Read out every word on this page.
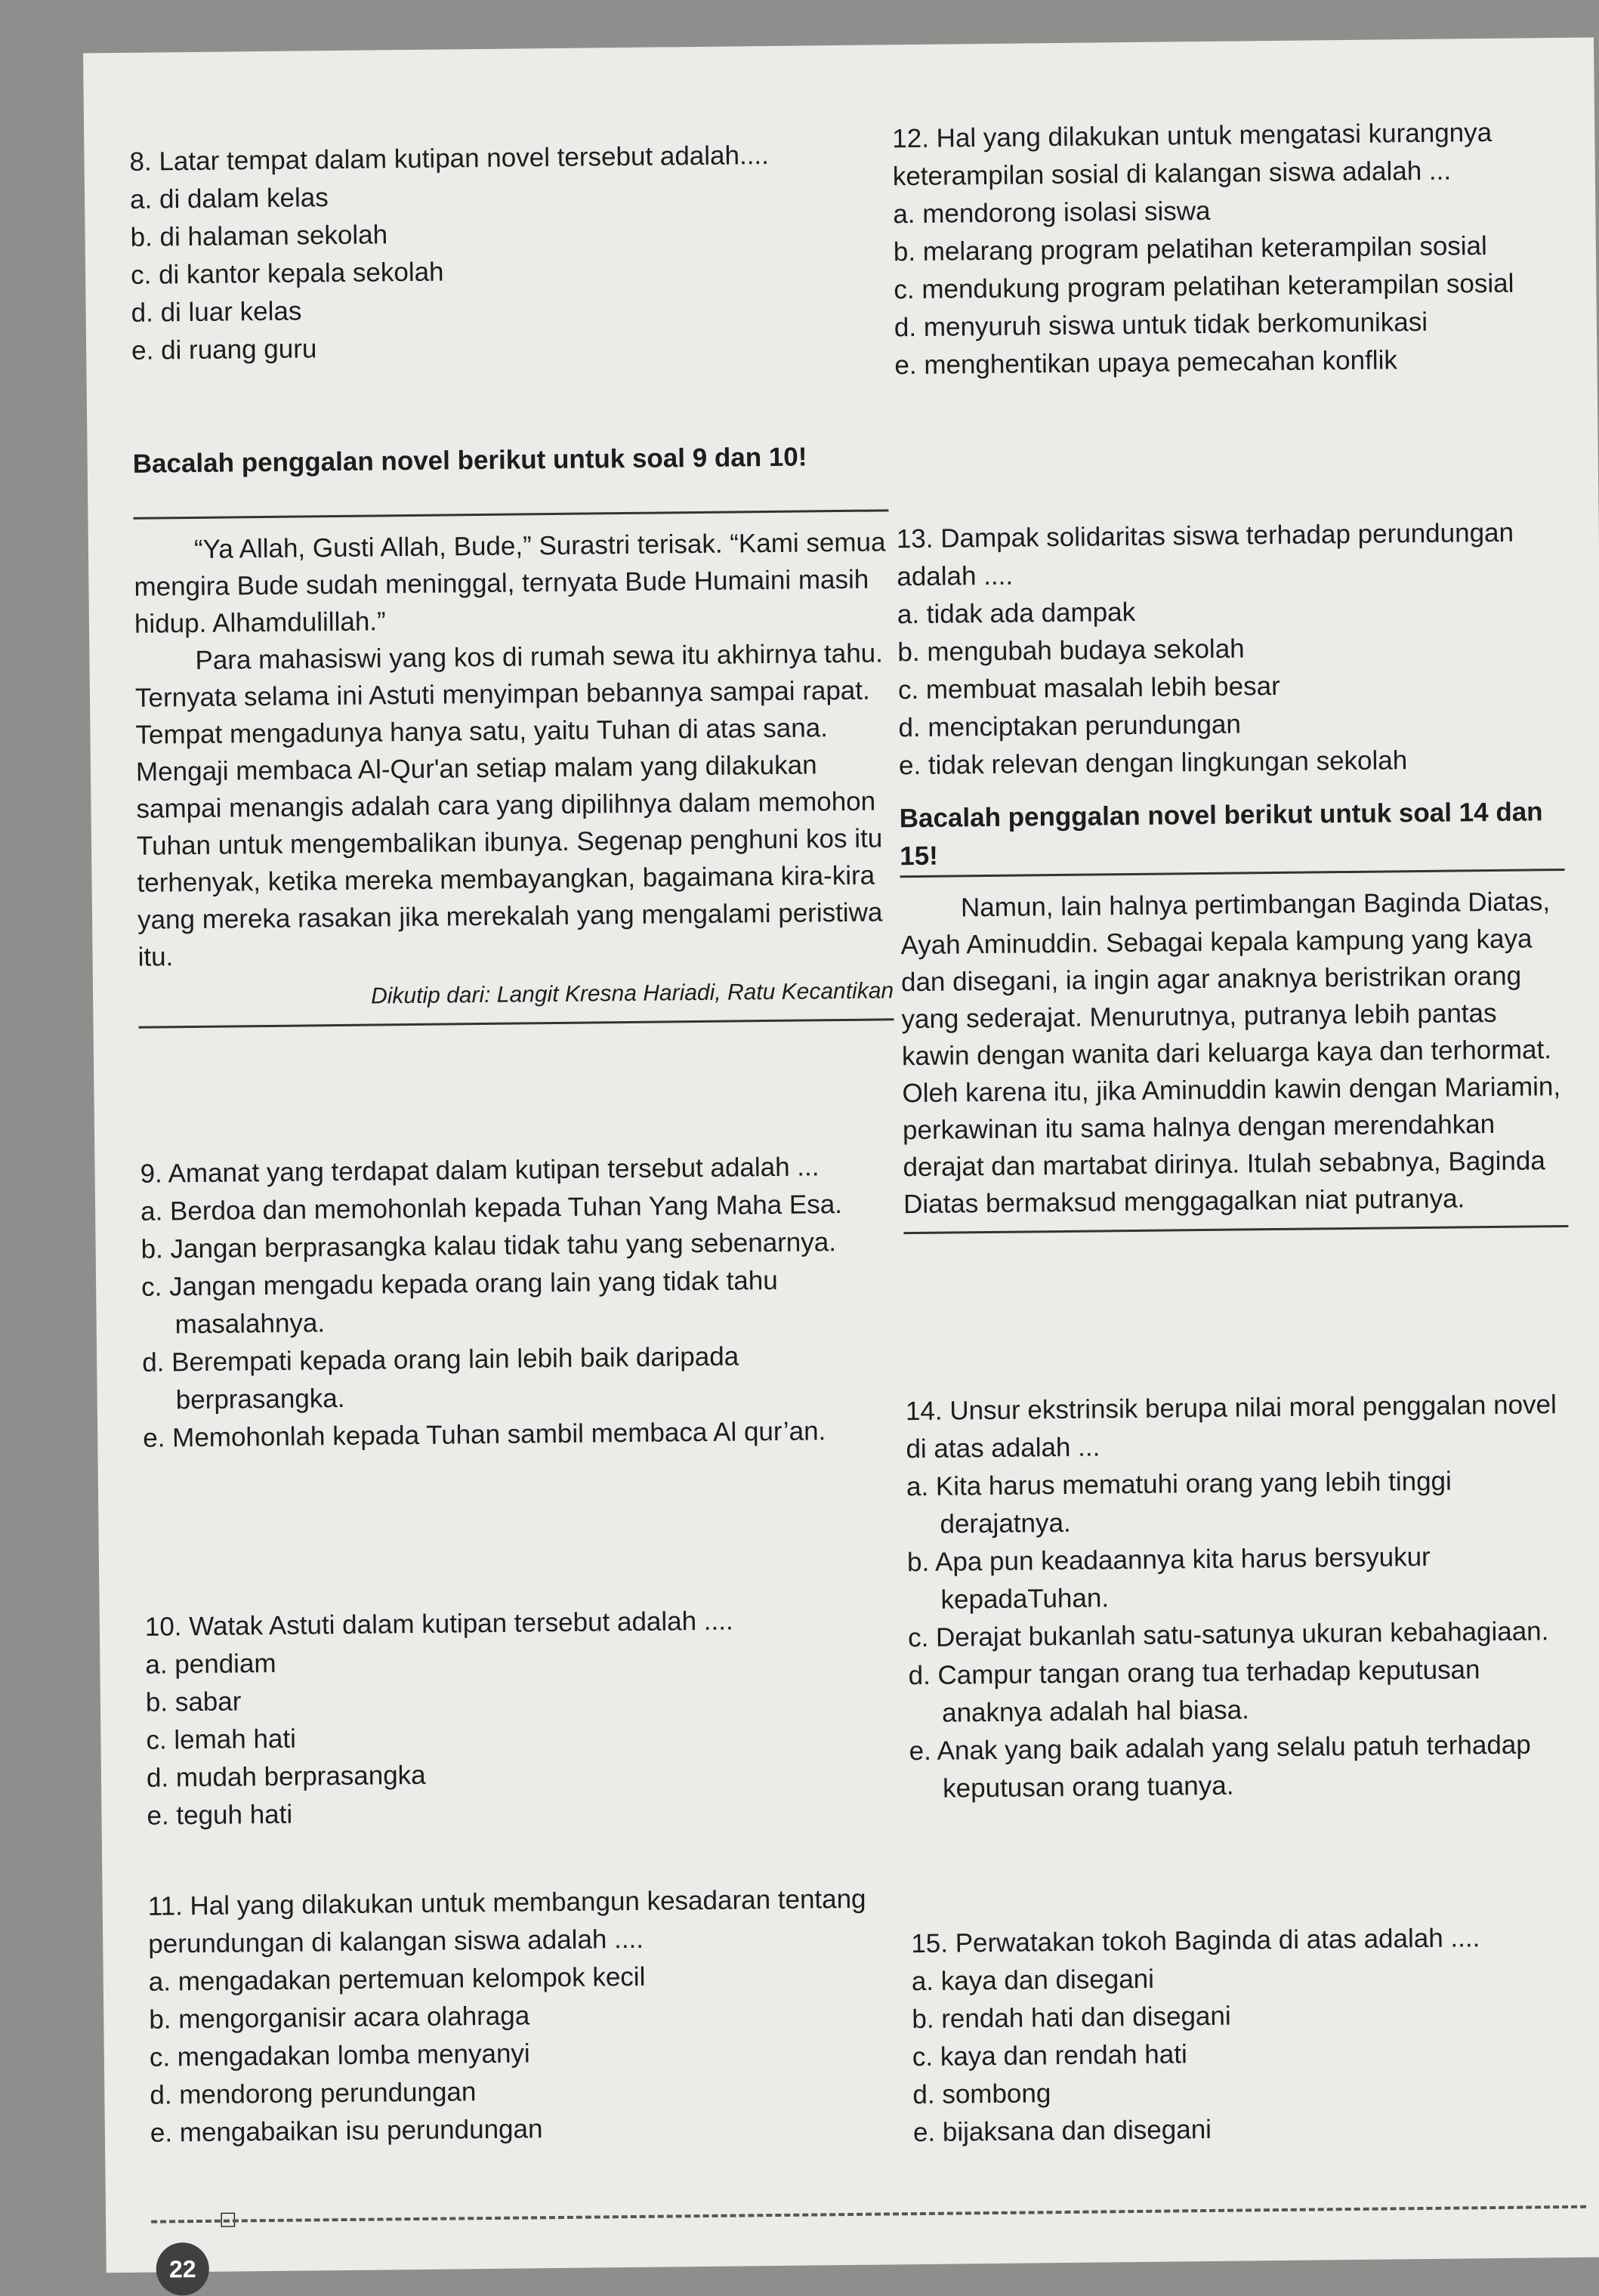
8. Latar tempat dalam kutipan novel tersebut adalah....
a. di dalam kelas
b. di halaman sekolah
c. di kantor kepala sekolah
d. di luar kelas
e. di ruang guru
Bacalah penggalan novel berikut untuk soal 9 dan 10!

“Ya Allah, Gusti Allah, Bude,” Surastri terisak. “Kami semua mengira Bude sudah meninggal, ternyata Bude Humaini masih hidup. Alhamdulillah.”

Para mahasiswi yang kos di rumah sewa itu akhirnya tahu. Ternyata selama ini Astuti menyimpan bebannya sampai rapat. Tempat mengadunya hanya satu, yaitu Tuhan di atas sana. Mengaji membaca Al-Qur'an setiap malam yang dilakukan sampai menangis adalah cara yang dipilihnya dalam memohon Tuhan untuk mengembalikan ibunya. Segenap penghuni kos itu terhenyak, ketika mereka membayangkan, bagaimana kira-kira yang mereka rasakan jika merekalah yang mengalami peristiwa itu.

Dikutip dari: Langit Kresna Hariadi, Ratu Kecantikan
9. Amanat yang terdapat dalam kutipan tersebut adalah ...
a. Berdoa dan memohonlah kepada Tuhan Yang Maha Esa.
b. Jangan berprasangka kalau tidak tahu yang sebenarnya.
c. Jangan mengadu kepada orang lain yang tidak tahu masalahnya.
d. Berempati kepada orang lain lebih baik daripada berprasangka.
e. Memohonlah kepada Tuhan sambil membaca Al qur’an.
10. Watak Astuti dalam kutipan tersebut adalah ....
a. pendiam
b. sabar
c. lemah hati
d. mudah berprasangka
e. teguh hati
11. Hal yang dilakukan untuk membangun kesadaran tentang perundungan di kalangan siswa adalah ....
a. mengadakan pertemuan kelompok kecil
b. mengorganisir acara olahraga
c. mengadakan lomba menyanyi
d. mendorong perundungan
e. mengabaikan isu perundungan
12. Hal yang dilakukan untuk mengatasi kurangnya keterampilan sosial di kalangan siswa adalah ...
a. mendorong isolasi siswa
b. melarang program pelatihan keterampilan sosial
c. mendukung program pelatihan keterampilan sosial
d. menyuruh siswa untuk tidak berkomunikasi
e. menghentikan upaya pemecahan konflik
13. Dampak solidaritas siswa terhadap perundungan adalah ....
a. tidak ada dampak
b. mengubah budaya sekolah
c. membuat masalah lebih besar
d. menciptakan perundungan
e. tidak relevan dengan lingkungan sekolah
Bacalah penggalan novel berikut untuk soal 14 dan 15!

Namun, lain halnya pertimbangan Baginda Diatas, Ayah Aminuddin. Sebagai kepala kampung yang kaya dan disegani, ia ingin agar anaknya beristrikan orang yang sederajat. Menurutnya, putranya lebih pantas kawin dengan wanita dari keluarga kaya dan terhormat. Oleh karena itu, jika Aminuddin kawin dengan Mariamin, perkawinan itu sama halnya dengan merendahkan derajat dan martabat dirinya. Itulah sebabnya, Baginda Diatas bermaksud menggagalkan niat putranya.

14. Unsur ekstrinsik berupa nilai moral penggalan novel di atas adalah ...
a. Kita harus mematuhi orang yang lebih tinggi derajatnya.
b. Apa pun keadaannya kita harus bersyukur kepadaTuhan.
c. Derajat bukanlah satu-satunya ukuran kebahagiaan.
d. Campur tangan orang tua terhadap keputusan anaknya adalah hal biasa.
e. Anak yang baik adalah yang selalu patuh terhadap keputusan orang tuanya.
15. Perwatakan tokoh Baginda di atas adalah ....
a. kaya dan disegani
b. rendah hati dan disegani
c. kaya dan rendah hati
d. sombong
e. bijaksana dan disegani
☐
22
